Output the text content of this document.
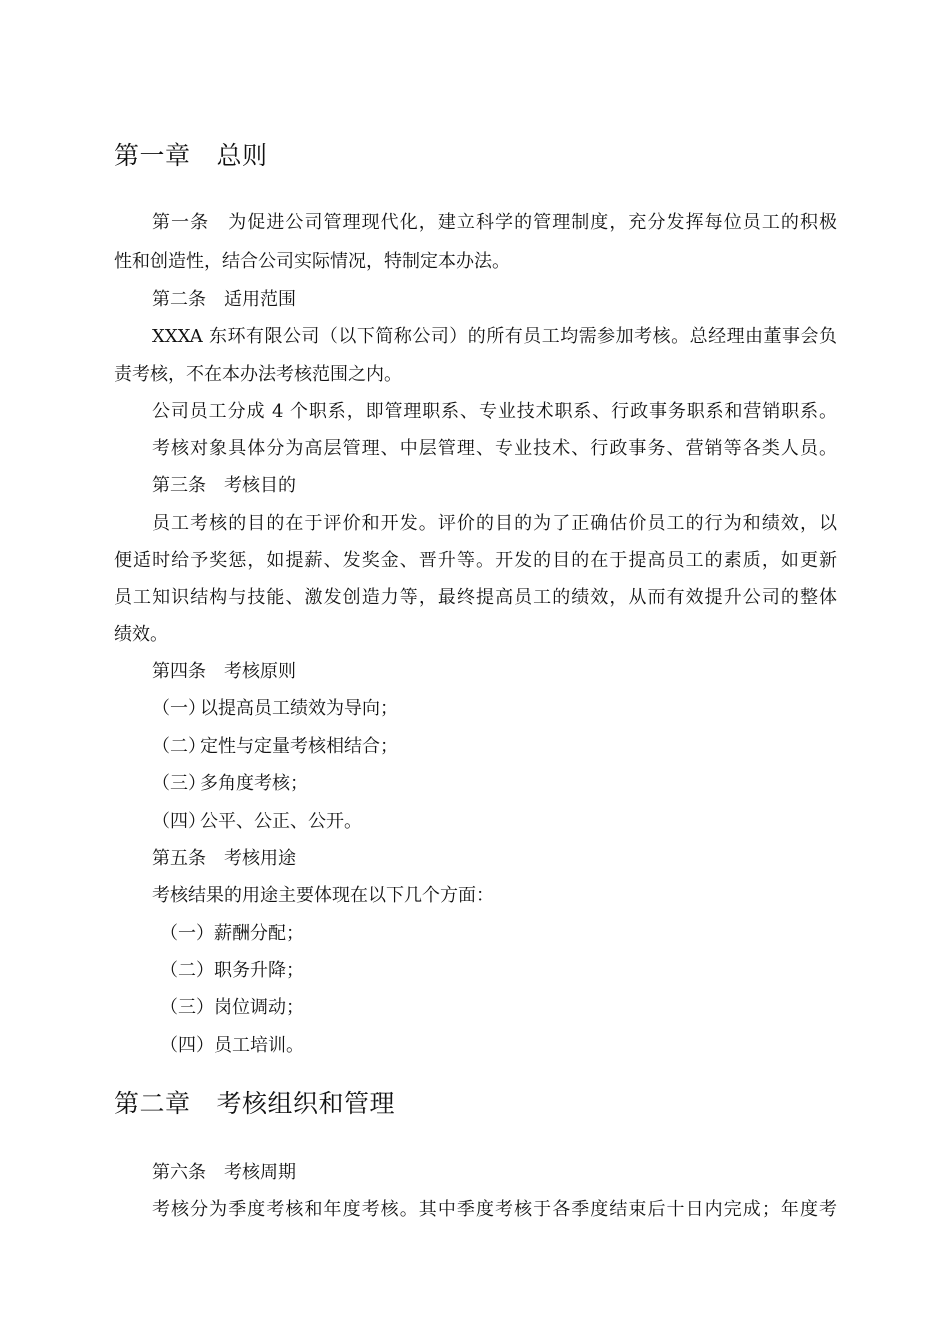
第一章 总则
第一条 为促进公司管理现代化，建立科学的管理制度，充分发挥每位员工的积极
性和创造性，结合公司实际情况，特制定本办法。
第二条 适用范围
XXXA 东环有限公司（以下简称公司）的所有员工均需参加考核。总经理由董事会负
责考核，不在本办法考核范围之内。
公司员工分成 4 个职系，即管理职系、专业技术职系、行政事务职系和营销职系。
考核对象具体分为高层管理、中层管理、专业技术、行政事务、营销等各类人员。
第三条 考核目的
员工考核的目的在于评价和开发。评价的目的为了正确估价员工的行为和绩效，以
便适时给予奖惩，如提薪、发奖金、晋升等。开发的目的在于提高员工的素质，如更新
员工知识结构与技能、激发创造力等，最终提高员工的绩效，从而有效提升公司的整体
绩效。
第四条 考核原则
（一）以提高员工绩效为导向；
（二）定性与定量考核相结合；
（三）多角度考核；
（四）公平、公正、公开。
第五条 考核用途
考核结果的用途主要体现在以下几个方面：
（一）薪酬分配；
（二）职务升降；
（三）岗位调动；
（四）员工培训。
第二章 考核组织和管理
第六条 考核周期
考核分为季度考核和年度考核。其中季度考核于各季度结束后十日内完成；年度考
